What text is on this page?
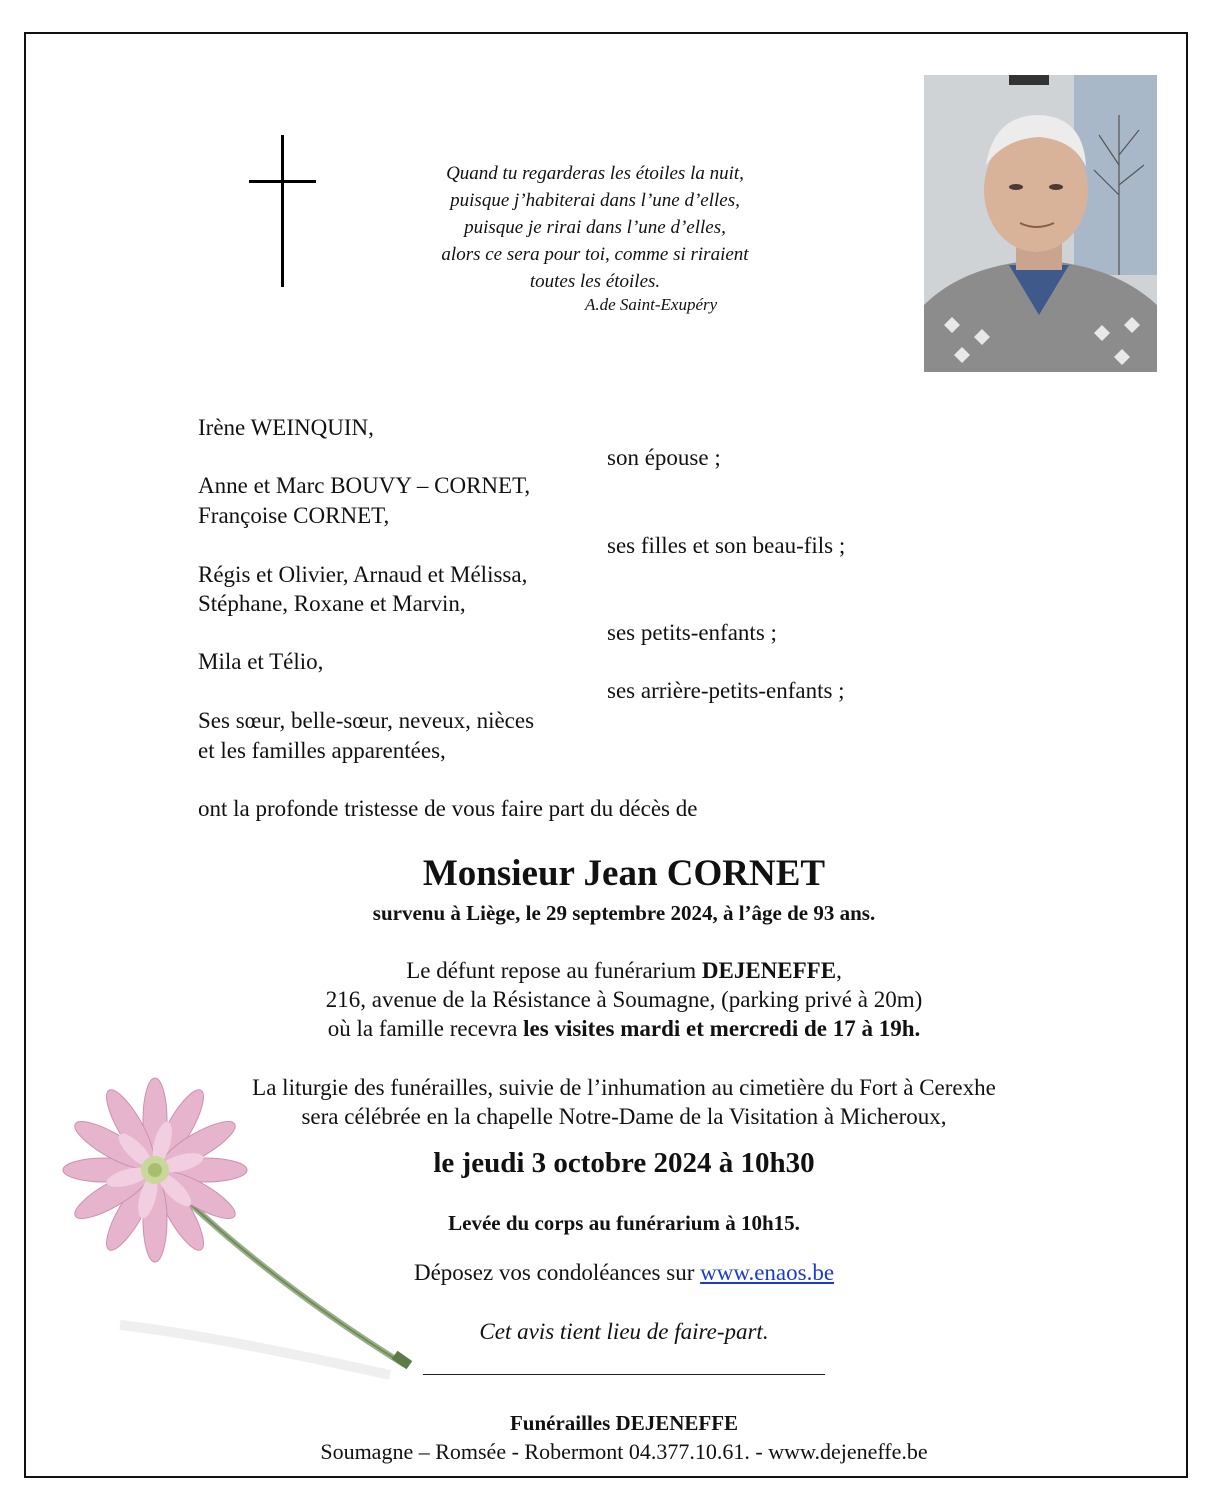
Quand tu regarderas les étoiles la nuit,
puisque j’habiterai dans l’une d’elles,
puisque je rirai dans l’une d’elles,
alors ce sera pour toi, comme si riraient
toutes les étoiles.
A.de Saint-Exupéry
Irène WEINQUIN,
son épouse ;
Anne et Marc BOUVY – CORNET,
Françoise CORNET,
ses filles et son beau-fils ;
Régis et Olivier, Arnaud et Mélissa,
Stéphane, Roxane et Marvin,
ses petits-enfants ;
Mila et Télio,
ses arrière-petits-enfants ;
Ses sœur, belle-sœur, neveux, nièces
et les familles apparentées,
ont la profonde tristesse de vous faire part du décès de
Monsieur Jean CORNET
survenu à Liège, le 29 septembre 2024, à l’âge de 93 ans.
Le défunt repose au funérarium DEJENEFFE,
216, avenue de la Résistance à Soumagne, (parking privé à 20m)
où la famille recevra les visites mardi et mercredi de 17 à 19h.
La liturgie des funérailles, suivie de l’inhumation au cimetière du Fort à Cerexhe
sera célébrée en la chapelle Notre-Dame de la Visitation à Micheroux,
le jeudi 3 octobre 2024 à 10h30
Levée du corps au funérarium à 10h15.
Déposez vos condoléances sur www.enaos.be
Cet avis tient lieu de faire-part.
Funérailles DEJENEFFE
Soumagne – Romsée - Robermont 04.377.10.61. - www.dejeneffe.be
